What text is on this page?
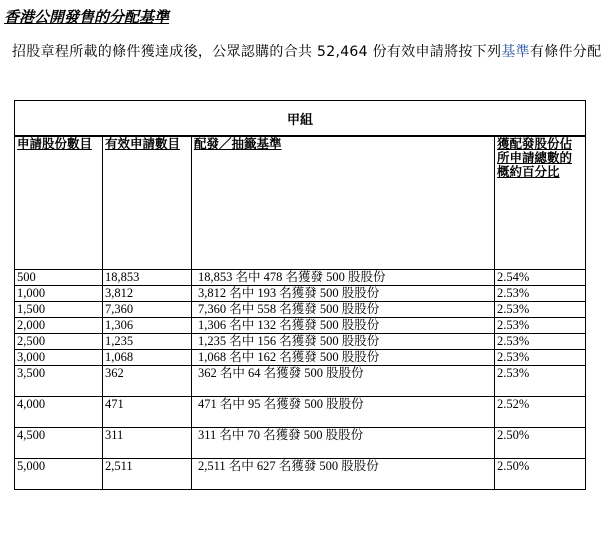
香港公開發售的分配基準
招股章程所載的條件獲達成後，公眾認購的合共 52,464 份有效申請將按下列基準有條件分配
甲組			
申請股份數目	有效申請數目	配發／抽籤基準	獲配發股份佔所申請總數的概約百分比
500	18,853	18,853 名中 478 名獲發 500 股股份	2.54%
1,000	3,812	3,812 名中 193 名獲發 500 股股份	2.53%
1,500	7,360	7,360 名中 558 名獲發 500 股股份	2.53%
2,000	1,306	1,306 名中 132 名獲發 500 股股份	2.53%
2,500	1,235	1,235 名中 156 名獲發 500 股股份	2.53%
3,000	1,068	1,068 名中 162 名獲發 500 股股份	2.53%
3,500	362	362 名中 64 名獲發 500 股股份	2.53%
4,000	471	471 名中 95 名獲發 500 股股份	2.52%
4,500	311	311 名中 70 名獲發 500 股股份	2.50%
5,000	2,511	2,511 名中 627 名獲發 500 股股份	2.50%
